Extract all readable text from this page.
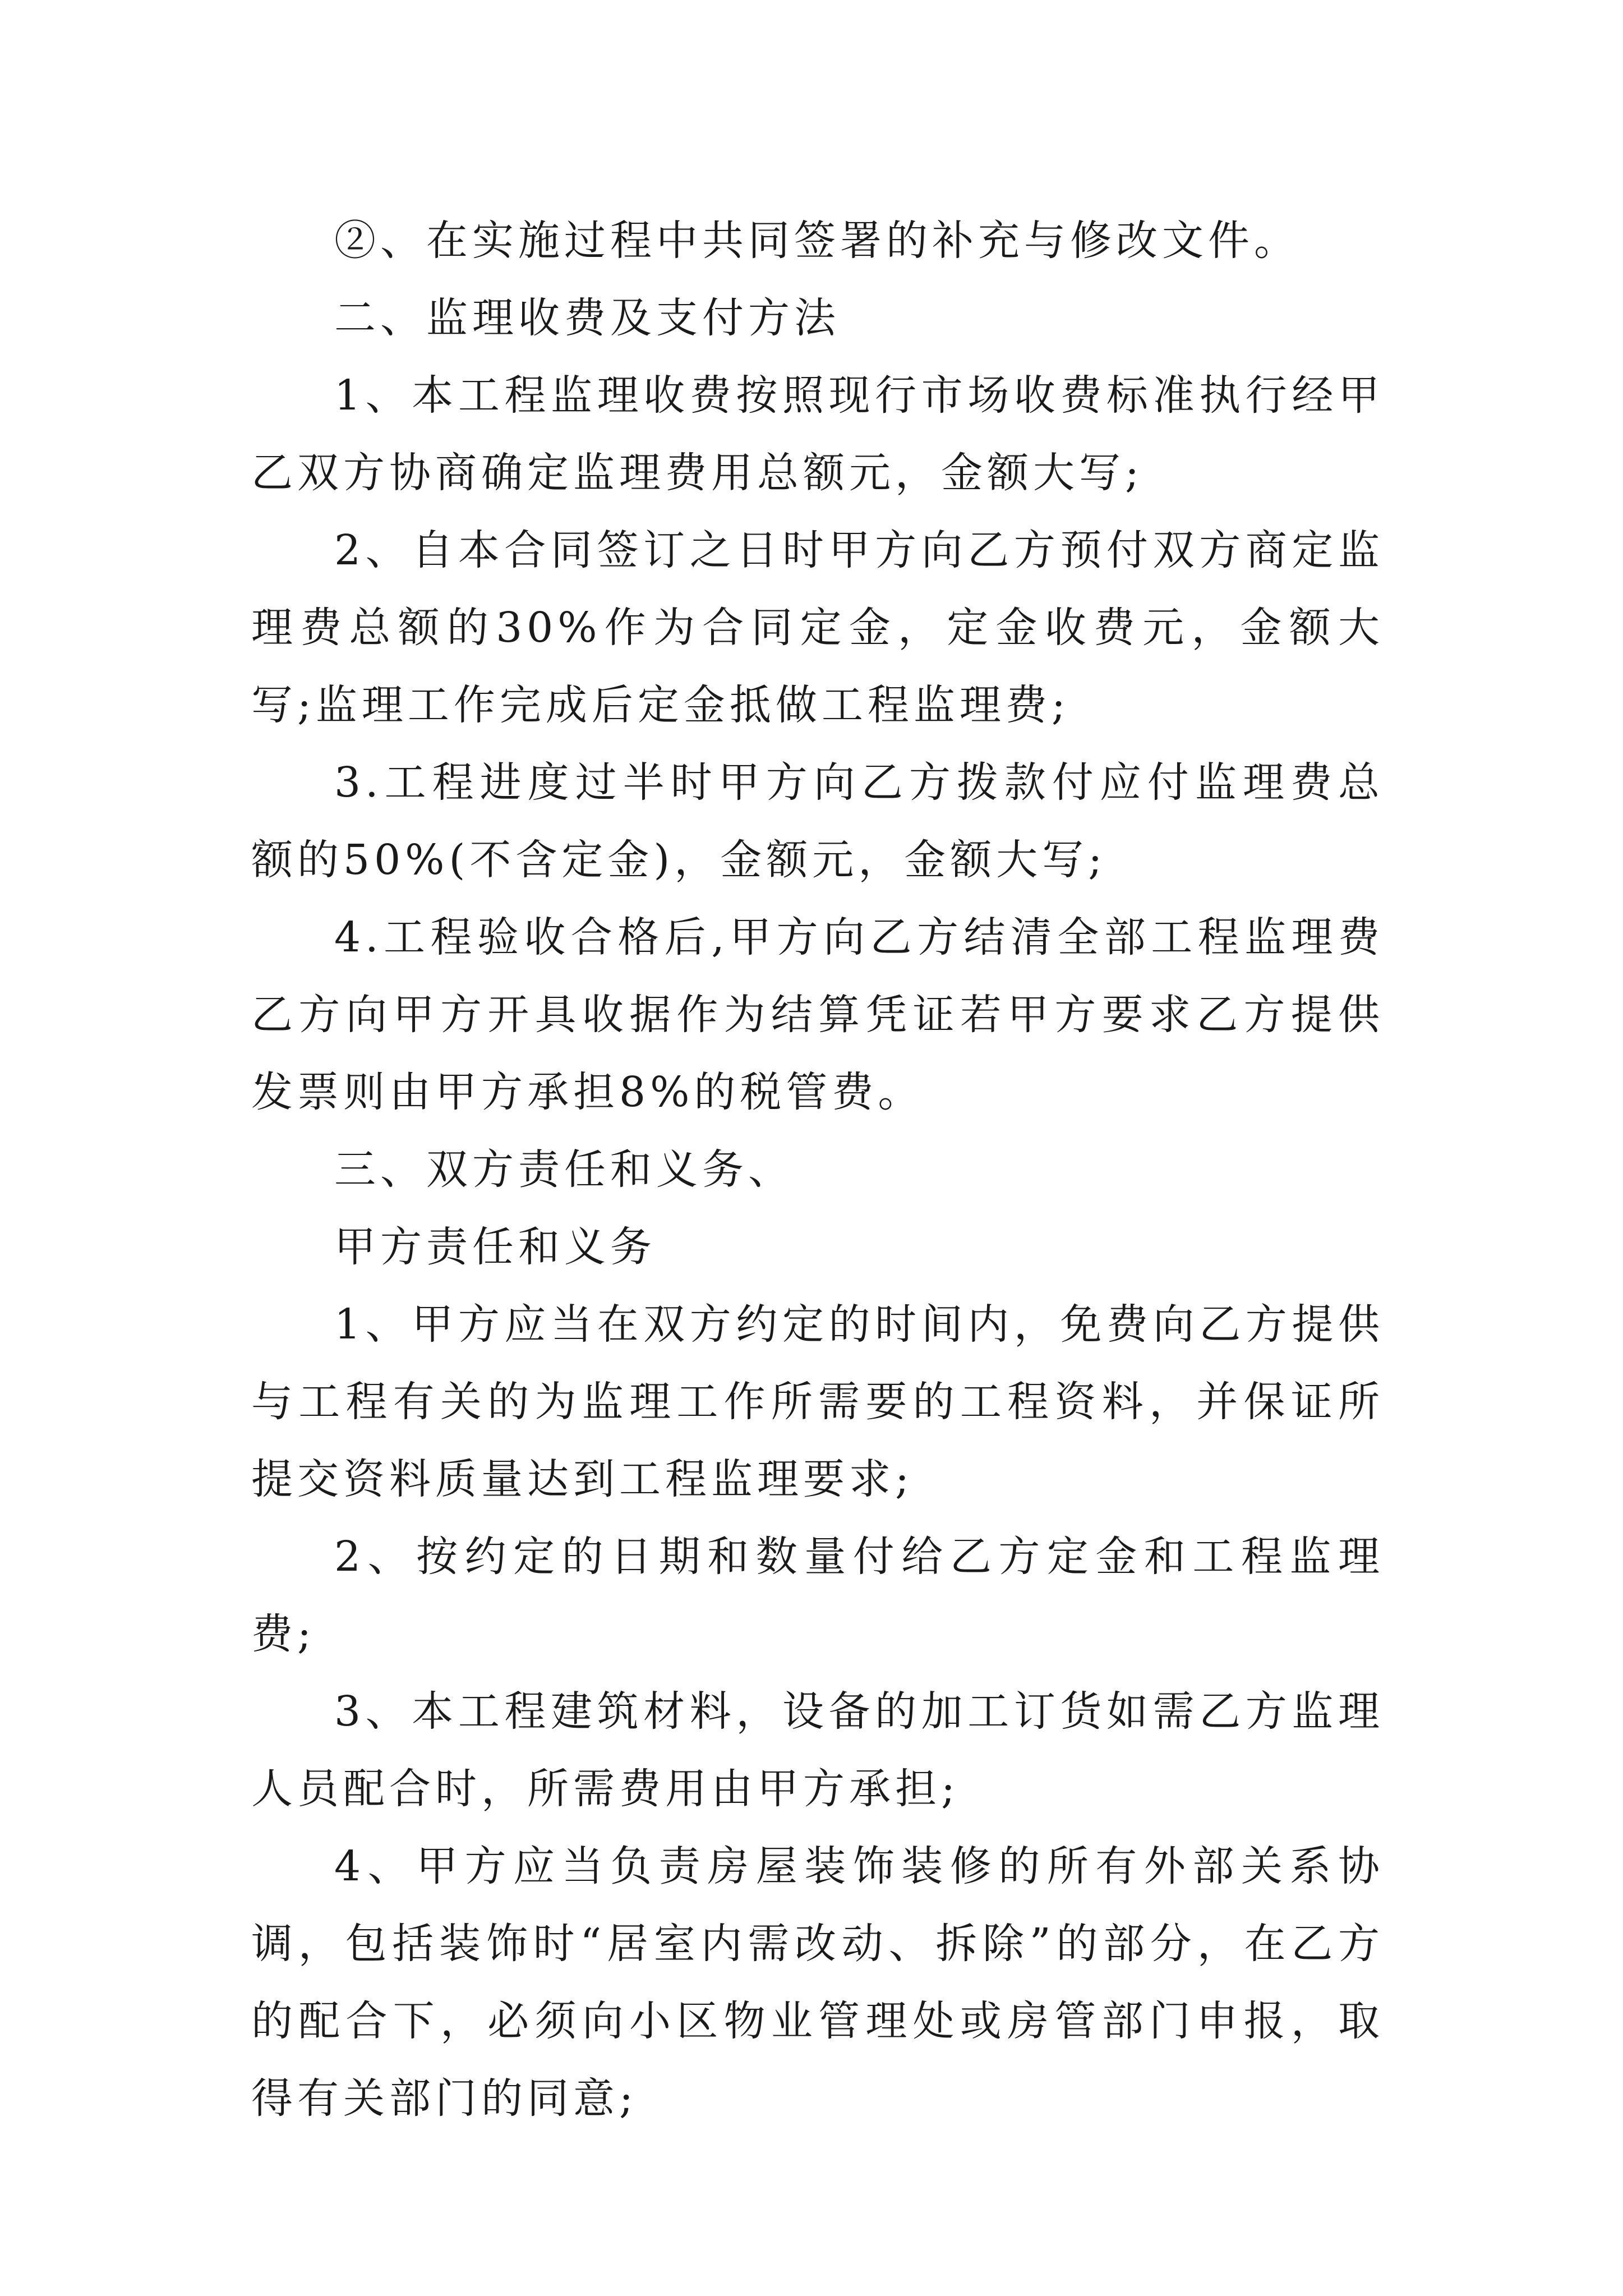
②、在实施过程中共同签署的补充与修改文件。

二、监理收费及支付方法

1、本工程监理收费按照现行市场收费标准执行经甲乙双方协商确定监理费用总额元，金额大写;

2、自本合同签订之日时甲方向乙方预付双方商定监理费总额的30%作为合同定金，定金收费元，金额大写;监理工作完成后定金抵做工程监理费;

3.工程进度过半时甲方向乙方拨款付应付监理费总额的50%(不含定金)，金额元，金额大写;

4.工程验收合格后,甲方向乙方结清全部工程监理费乙方向甲方开具收据作为结算凭证若甲方要求乙方提供发票则由甲方承担8%的税管费。

三、双方责任和义务、

甲方责任和义务

1、甲方应当在双方约定的时间内，免费向乙方提供与工程有关的为监理工作所需要的工程资料，并保证所提交资料质量达到工程监理要求;

2、按约定的日期和数量付给乙方定金和工程监理费;

3、本工程建筑材料，设备的加工订货如需乙方监理人员配合时，所需费用由甲方承担;

4、甲方应当负责房屋装饰装修的所有外部关系协调，包括装饰时“居室内需改动、拆除”的部分，在乙方的配合下，必须向小区物业管理处或房管部门申报，取得有关部门的同意;
